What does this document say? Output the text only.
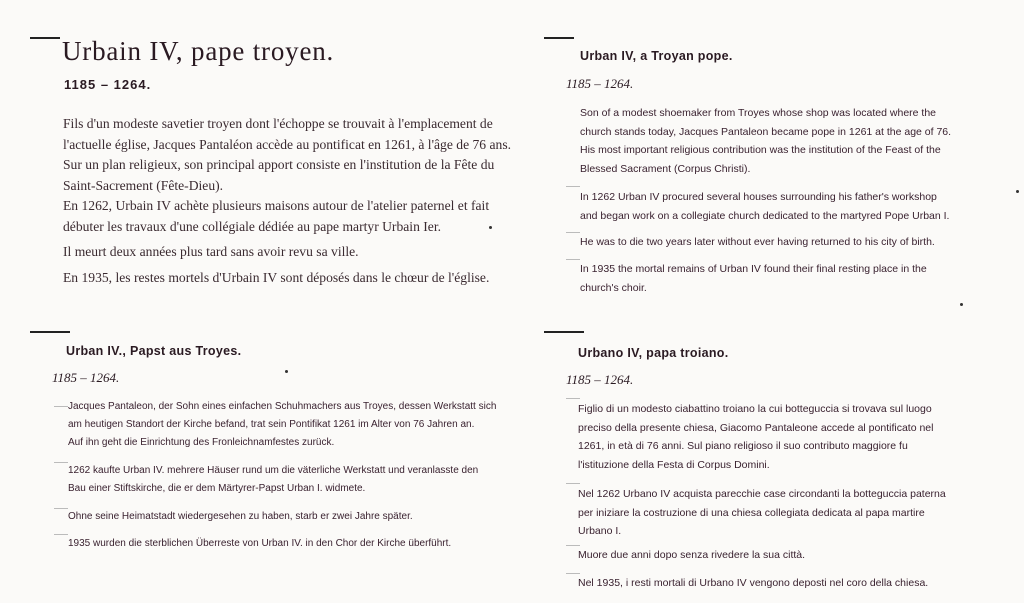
Urbain IV, pape troyen.
1185 – 1264.
Fils d'un modeste savetier troyen dont l'échoppe se trouvait à l'emplacement de
l'actuelle église, Jacques Pantaléon accède au pontificat en 1261, à l'âge de 76 ans.
Sur un plan religieux, son principal apport consiste en l'institution de la Fête du
Saint-Sacrement (Fête-Dieu).
En 1262, Urbain IV achète plusieurs maisons autour de l'atelier paternel et fait
débuter les travaux d'une collégiale dédiée au pape martyr Urbain Ier.
Il meurt deux années plus tard sans avoir revu sa ville.
En 1935, les restes mortels d'Urbain IV sont déposés dans le chœur de l'église.
Urban IV, a Troyan pope.
1185 – 1264.
Son of a modest shoemaker from Troyes whose shop was located where the
church stands today, Jacques Pantaleon became pope in 1261 at the age of 76.
His most important religious contribution was the institution of the Feast of the
Blessed Sacrament (Corpus Christi).
In 1262 Urban IV procured several houses surrounding his father's workshop
and began work on a collegiate church dedicated to the martyred Pope Urban I.
He was to die two years later without ever having returned to his city of birth.
In 1935 the mortal remains of Urban IV found their final resting place in the
church's choir.
Urban IV., Papst aus Troyes.
1185 – 1264.
Jacques Pantaleon, der Sohn eines einfachen Schuhmachers aus Troyes, dessen Werkstatt sich
am heutigen Standort der Kirche befand, trat sein Pontifikat 1261 im Alter von 76 Jahren an.
Auf ihn geht die Einrichtung des Fronleichnamfestes zurück.
1262 kaufte Urban IV. mehrere Häuser rund um die väterliche Werkstatt und veranlasste den
Bau einer Stiftskirche, die er dem Märtyrer-Papst Urban I. widmete.
Ohne seine Heimatstadt wiedergesehen zu haben, starb er zwei Jahre später.
1935 wurden die sterblichen Überreste von Urban IV. in den Chor der Kirche überführt.
Urbano IV, papa troiano.
1185 – 1264.
Figlio di un modesto ciabattino troiano la cui botteguccia si trovava sul luogo
preciso della presente chiesa, Giacomo Pantaleone accede al pontificato nel
1261, in età di 76 anni. Sul piano religioso il suo contributo maggiore fu
l'istituzione della Festa di Corpus Domini.
Nel 1262 Urbano IV acquista parecchie case circondanti la botteguccia paterna
per iniziare la costruzione di una chiesa collegiata dedicata al papa martire
Urbano I.
Muore due anni dopo senza rivedere la sua città.
Nel 1935, i resti mortali di Urbano IV vengono deposti nel coro della chiesa.
